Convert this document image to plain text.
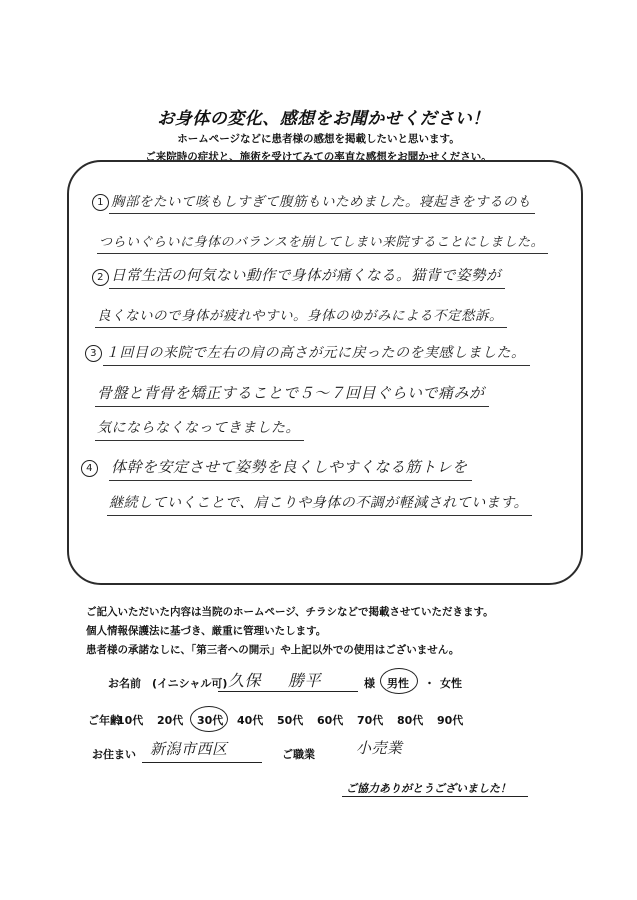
お身体の変化、感想をお聞かせください！
ホームページなどに患者様の感想を掲載したいと思います。
ご来院時の症状と、施術を受けてみての率直な感想をお聞かせください。
1 胸部をたいて咳もしすぎて腹筋もいためました。寝起きをするのも
つらいぐらいに身体のバランスを崩してしまい来院することにしました。
2 日常生活の何気ない動作で身体が痛くなる。猫背で姿勢が
良くないので身体が疲れやすい。身体のゆがみによる不定愁訴。
3 １回目の来院で左右の肩の高さが元に戻ったのを実感しました。
骨盤と背骨を矯正することで５〜７回目ぐらいで痛みが
気にならなくなってきました。
4	体幹を安定させて姿勢を良くしやすくなる筋トレを
継続していくことで、肩こりや身体の不調が軽減されています。
ご記入いただいた内容は当院のホームページ、チラシなどで掲載させていただきます。
個人情報保護法に基づき、厳重に管理いたします。
患者様の承諾なしに、「第三者への開示」や上記以外での使用はございません。
お名前　(イニシャル可) 久保 勝平	様 男性 ・ 女性
ご年齢
10代 20代 30代 40代 50代 60代 70代 80代 90代
お住まい 新潟市西区	ご職業	小売業
ご協力ありがとうございました！
